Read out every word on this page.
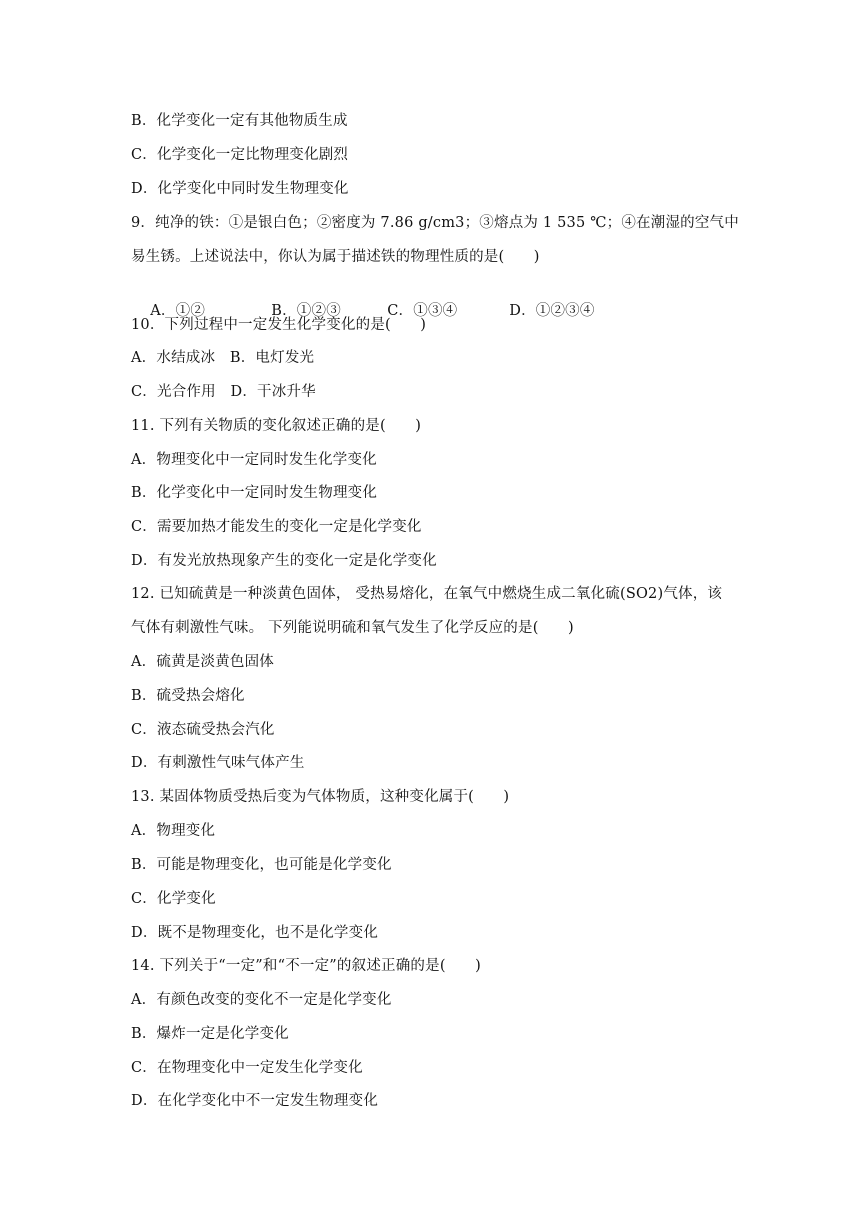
B．化学变化一定有其他物质生成
C．化学变化一定比物理变化剧烈
D．化学变化中同时发生物理变化
9．纯净的铁：①是银白色；②密度为 7.86 g/cm3；③熔点为 1 535 ℃；④在潮湿的空气中
易生锈。上述说法中，你认为属于描述铁的物理性质的是(　　)

A．①②	B．①②③	C．①③④	D．①②③④

10．下列过程中一定发生化学变化的是(　　)
A．水结成冰　B．电灯发光
C．光合作用　D．干冰升华
11. 下列有关物质的变化叙述正确的是(　　)
A．物理变化中一定同时发生化学变化
B．化学变化中一定同时发生物理变化
C．需要加热才能发生的变化一定是化学变化
D．有发光放热现象产生的变化一定是化学变化
12. 已知硫黄是一种淡黄色固体， 受热易熔化，在氧气中燃烧生成二氧化硫(SO2)气体，该
气体有刺激性气味。 下列能说明硫和氧气发生了化学反应的是(　　)
A．硫黄是淡黄色固体
B．硫受热会熔化
C．液态硫受热会汽化
D．有刺激性气味气体产生
13. 某固体物质受热后变为气体物质，这种变化属于(　　)
A．物理变化
B．可能是物理变化，也可能是化学变化
C．化学变化
D．既不是物理变化，也不是化学变化
14. 下列关于“一定”和“不一定”的叙述正确的是(　　)
A．有颜色改变的变化不一定是化学变化
B．爆炸一定是化学变化
C．在物理变化中一定发生化学变化
D．在化学变化中不一定发生物理变化
